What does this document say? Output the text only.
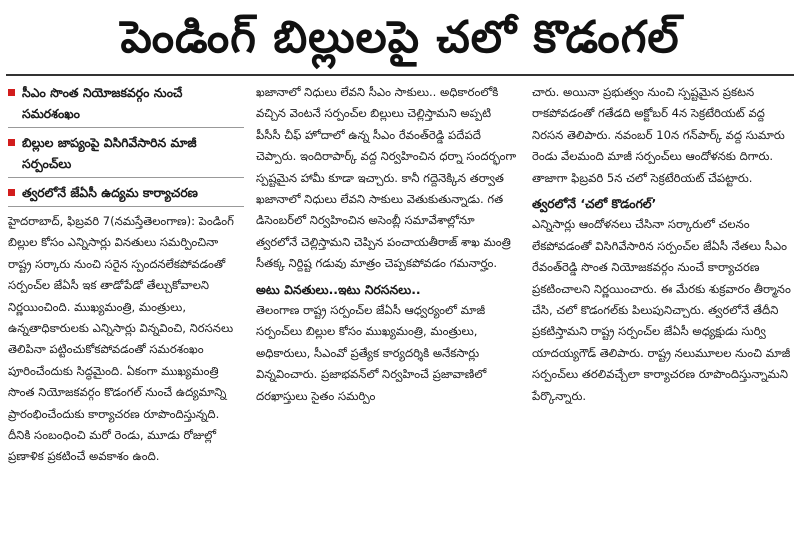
పెండింగ్ బిల్లులపై చలో కొడంగల్
సీఎం సొంత నియోజకవర్గం నుంచే సమరశంఖం
బిల్లుల జాప్యంపై విసిగివేసారిన మాజీ సర్పంచ్‌లు
త్వరలోనే జేఏసీ ఉద్యమ కార్యాచరణ

హైదరాబాద్, ఫిబ్రవరి 7(నమస్తేతెలంగాణ): పెండింగ్ బిల్లుల కోసం ఎన్నిసార్లు వినతులు సమర్పించినా రాష్ట్ర సర్కారు నుంచి సరైన స్పందనలేకపోవడంతో సర్పంచ్‌ల జేఏసీ ఇక తాడోపేడో తేల్చుకోవాలని నిర్ణయించింది. ముఖ్యమంత్రి, మంత్రులు, ఉన్నతాధికారులకు ఎన్నిసార్లు విన్నవించి, నిరసనలు తెలిపినా పట్టించుకోకపోవడంతో సమరశంఖం పూరించేందుకు సిద్ధమైంది. ఏకంగా ముఖ్యమంత్రి సొంత నియోజకవర్గం కొడంగల్ నుంచే ఉద్యమాన్ని ప్రారంభించేందుకు కార్యాచరణ రూపొందిస్తున్నది. దీనికి సంబంధించి మరో రెండు, మూడు రోజుల్లో ప్రణాళిక ప్రకటించే అవకాశం ఉంది.

ఖజానాలో నిధులు లేవని సీఎం సాకులు.. అధికారంలోకి వచ్చిన వెంటనే సర్పంచ్‌ల బిల్లులు చెల్లిస్తామని అప్పటి పీసీసీ చీఫ్ హోదాలో ఉన్న సీఎం రేవంత్‌రెడ్డి పదేపదే చెప్పారు. ఇందిరాపార్క్ వద్ద నిర్వహించిన ధర్నా సందర్భంగా స్పష్టమైన హామీ కూడా ఇచ్చారు. కానీ గద్దెనెక్కిన తర్వాత ఖజానాలో నిధులు లేవని సాకులు వెతుకుతున్నాడు. గత డిసెంబర్‌లో నిర్వహించిన అసెంబ్లీ సమావేశాల్లోనూ త్వరలోనే చెల్లిస్తామని చెప్పిన పంచాయతీరాజ్ శాఖ మంత్రి సీతక్క నిర్దిష్ట గడువు మాత్రం చెప్పకపోవడం గమనార్హం.

అటు వినతులు..ఇటు నిరసనలు..

తెలంగాణ రాష్ట్ర సర్పంచ్‌ల జేఏసీ ఆధ్వర్యంలో మాజీ సర్పంచ్‌లు బిల్లుల కోసం ముఖ్యమంత్రి, మంత్రులు, అధికారులు, సీఎంవో ప్రత్యేక కార్యదర్శికి అనేకసార్లు విన్నవించారు. ప్రజాభవన్‌లో నిర్వహించే ప్రజావాణిలో దరఖాస్తులు సైతం సమర్పిం

చారు. అయినా ప్రభుత్వం నుంచి స్పష్టమైన ప్రకటన రాకపోవడంతో గతేడది అక్టోబర్ 4న సెక్రటేరియట్ వద్ద నిరసన తెలిపారు. నవంబర్ 10న గన్‌పార్క్ వద్ద సుమారు రెండు వేలమంది మాజీ సర్పంచ్‌లు ఆందోళనకు దిగారు. తాజాగా ఫిబ్రవరి 5న చలో సెక్రటేరియట్ చేపట్టారు.

త్వరలోనే ‘చలో కొడంగల్’

ఎన్నిసార్లు ఆందోళనలు చేసినా సర్కారులో చలనం లేకపోవడంతో విసిగివేసారిన సర్పంచ్‌ల జేఏసీ నేతలు సీఎం రేవంత్‌రెడ్డి సొంత నియోజకవర్గం నుంచే కార్యాచరణ ప్రకటించాలని నిర్ణయించారు. ఈ మేరకు శుక్రవారం తీర్మానం చేసి, చలో కొడంగల్‌కు పిలుపునిచ్చారు. త్వరలోనే తేదీని ప్రకటిస్తామని రాష్ట్ర సర్పంచ్‌ల జేఏసీ అధ్యక్షుడు సుర్వి యాదయ్యగౌడ్ తెలిపారు. రాష్ట్ర నలుమూలల నుంచి మాజీ సర్పంచ్‌లు తరలివచ్చేలా కార్యాచరణ రూపొందిస్తున్నామని పేర్కొన్నారు.
